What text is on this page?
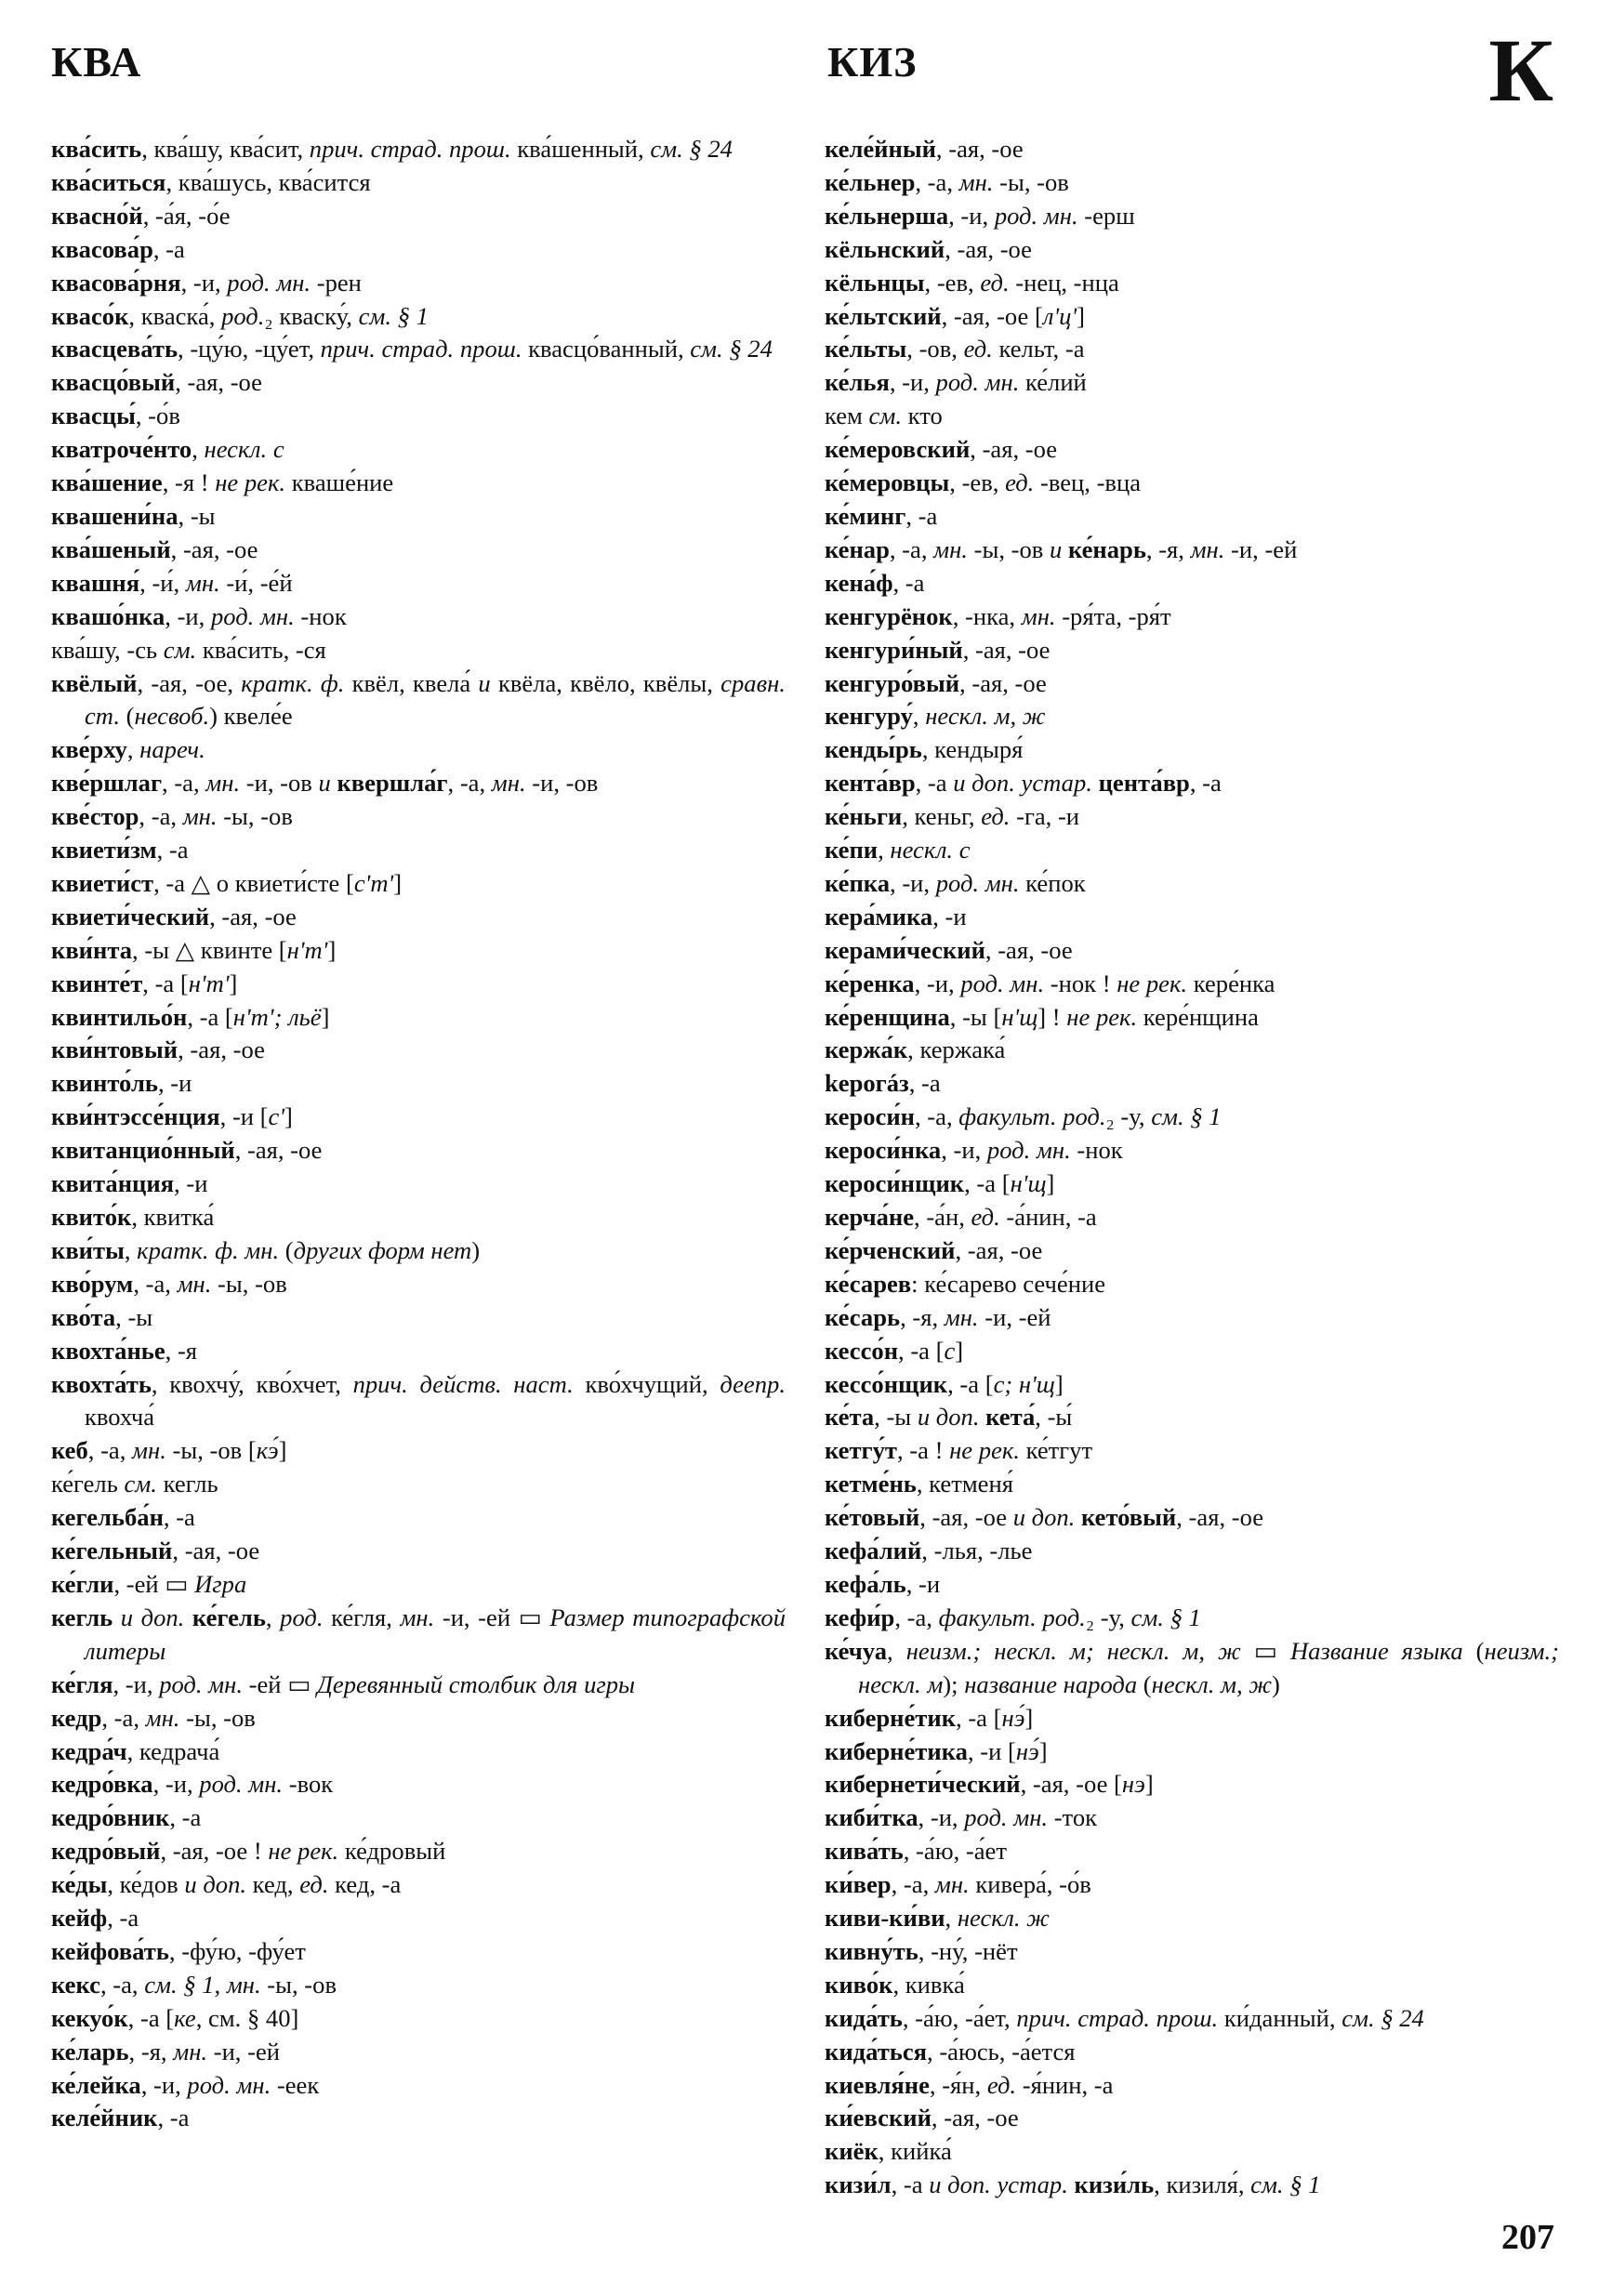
КВА	КИЗ	К

ква́сить, ква́шу, ква́сит, прич. страд. прош. ква́шенный, см. § 24

ква́ситься, ква́шусь, ква́сится

квасно́й, -а́я, -о́е

квасова́р, -а

квасова́рня, -и, род. мн. -рен

квасо́к, кваска́, род.₂ кваску́, см. § 1

квасцева́ть, -цу́ю, -цу́ет, прич. страд. прош. квасцо́ванный, см. § 24

квасцо́вый, -ая, -ое

квасцы́, -о́в

кватроче́нто, нескл. с

ква́шение, -я ! не рек. кваше́ние

квашени́на, -ы

ква́шеный, -ая, -ое

квашня́, -и́, мн. -и́, -е́й

квашо́нка, -и, род. мн. -нок

ква́шу, -сь см. ква́сить, -ся

квёлый, -ая, -ое, кратк. ф. квёл, квела́ и квёла, квёло, квёлы, сравн. ст. (несвоб.) квеле́е

кве́рху, нареч.

кве́ршлаг, -а, мн. -и, -ов и квершла́г, -а, мн. -и, -ов

кве́стор, -а, мн. -ы, -ов

квиети́зм, -а

квиети́ст, -а △ о квиети́сте [сʹтʹ]

квиети́ческий, -ая, -ое

кви́нта, -ы △ квинте [нʹтʹ]

квинте́т, -а [нʹтʹ]

квинтильо́н, -а [нʹтʹ; льё]

кви́нтовый, -ая, -ое

квинто́ль, -и

кви́нтэссе́нция, -и [сʹ]

квитанцио́нный, -ая, -ое

квита́нция, -и

квито́к, квитка́

кви́ты, кратк. ф. мн. (других форм нет)

кво́рум, -а, мн. -ы, -ов

кво́та, -ы

квохта́нье, -я

квохта́ть, квохчу́, кво́хчет, прич. действ. наст. кво́хчущий, деепр. квохча́

кеб, -а, мн. -ы, -ов [кэ́]

ке́гель см. кегль

кегельба́н, -а

ке́гельный, -ая, -ое

ке́гли, -ей ▭ Игра

кегль и доп. ке́гель, род. ке́гля, мн. -и, -ей ▭ Размер типографской литеры

ке́гля, -и, род. мн. -ей ▭ Деревянный столбик для игры

кедр, -а, мн. -ы, -ов

кедра́ч, кедрача́

кедро́вка, -и, род. мн. -вок

кедро́вник, -а

кедро́вый, -ая, -ое ! не рек. ке́дровый

ке́ды, ке́дов и доп. кед, ед. кед, -а

кейф, -а

кейфова́ть, -фу́ю, -фу́ет

кекс, -а, см. § 1, мн. -ы, -ов

кекуо́к, -а [ке, см. § 40]

ке́ларь, -я, мн. -и, -ей

ке́лейка, -и, род. мн. -еек

келе́йник, -а

келе́йный, -ая, -ое

ке́льнер, -а, мн. -ы, -ов

ке́льнерша, -и, род. мн. -ерш

кёльнский, -ая, -ое

кёльнцы, -ев, ед. -нец, -нца

ке́льтский, -ая, -ое [лʹцʹ]

ке́льты, -ов, ед. кельт, -а

ке́лья, -и, род. мн. ке́лий

кем см. кто

ке́меровский, -ая, -ое

ке́меровцы, -ев, ед. -вец, -вца

ке́минг, -а

ке́нар, -а, мн. -ы, -ов и ке́нарь, -я, мн. -и, -ей

кена́ф, -а

кенгурёнок, -нка, мн. -ря́та, -ря́т

кенгури́ный, -ая, -ое

кенгуро́вый, -ая, -ое

кенгуру́, нескл. м, ж

кенды́рь, кендыря́

кента́вр, -а и доп. устар. цента́вр, -а

ке́ньги, кеньг, ед. -га, -и

ке́пи, нескл. с

ке́пка, -и, род. мн. ке́пок

кера́мика, -и

керами́ческий, -ая, -ое

ке́ренка, -и, род. мн. -нок ! не рек. кере́нка

ке́ренщина, -ы [нʹщ] ! не рек. кере́нщина

кержа́к, кержака́

keрогáз, -а

кероси́н, -а, факульт. род.₂ -у, см. § 1

кероси́нка, -и, род. мн. -нок

кероси́нщик, -а [нʹщ]

керча́не, -а́н, ед. -а́нин, -а

ке́рченский, -ая, -ое

ке́сарев: ке́сарево сече́ние

ке́сарь, -я, мн. -и, -ей

кессо́н, -а [с]

кессо́нщик, -а [с; нʹщ]

ке́та, -ы и доп. кета́, -ы́

кетгу́т, -а ! не рек. ке́тгут

кетме́нь, кетменя́

ке́товый, -ая, -ое и доп. кето́вый, -ая, -ое

кефа́лий, -лья, -лье

кефа́ль, -и

кефи́р, -а, факульт. род.₂ -у, см. § 1

ке́чуа, неизм.; нескл. м; нескл. м, ж ▭ Название языка (неизм.; нескл. м); название народа (нескл. м, ж)

киберне́тик, -а [нэ́]

киберне́тика, -и [нэ́]

кибернети́ческий, -ая, -ое [нэ]

киби́тка, -и, род. мн. -ток

кива́ть, -а́ю, -а́ет

ки́вер, -а, мн. кивера́, -о́в

киви-ки́ви, нескл. ж

кивну́ть, -ну́, -нёт

киво́к, кивка́

кида́ть, -а́ю, -а́ет, прич. страд. прош. ки́данный, см. § 24

кида́ться, -а́юсь, -а́ется

киевля́не, -я́н, ед. -я́нин, -а

ки́евский, -ая, -ое

киёк, кийка́

кизи́л, -а и доп. устар. кизи́ль, кизиля́, см. § 1

207
